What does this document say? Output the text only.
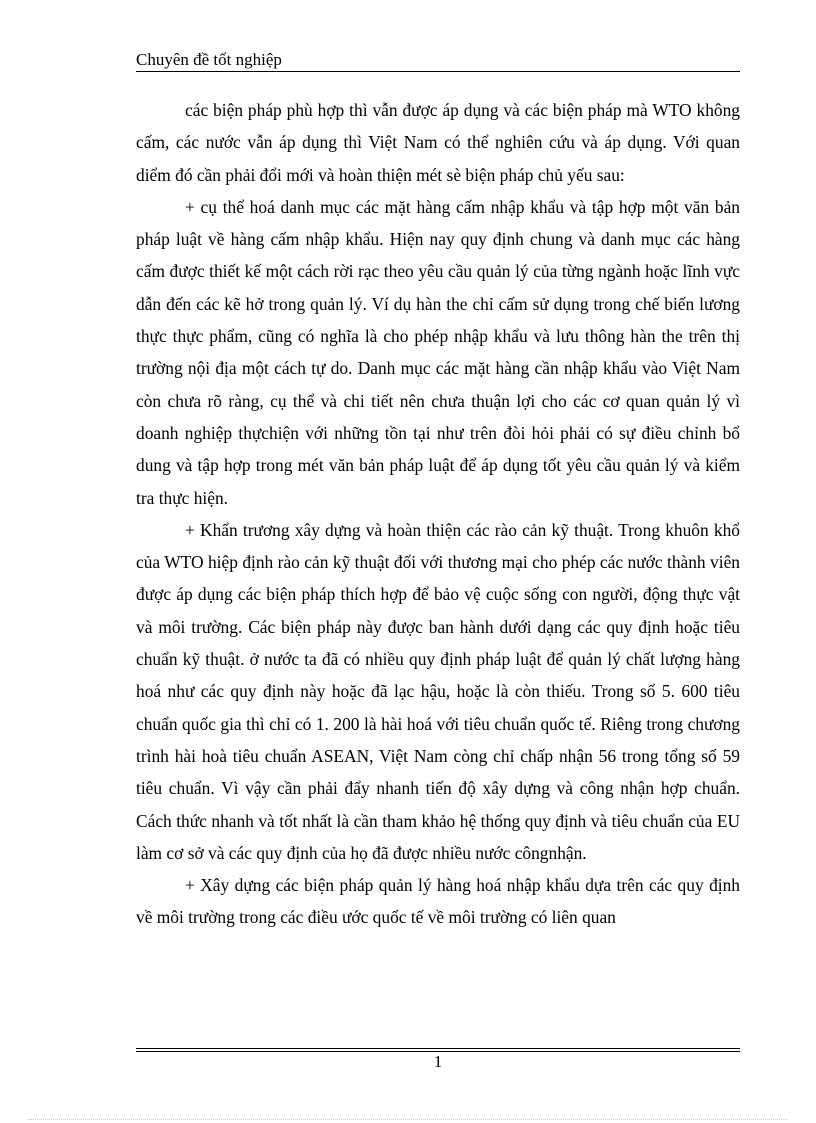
Chuyên đề tốt nghiệp

các biện pháp phù hợp thì vẫn được áp dụng và các biện pháp mà WTO không cấm, các nước vẫn áp dụng thì Việt Nam có thể nghiên cứu và áp dụng. Với quan diểm đó cần phải đổi mới và hoàn thiện mét sè biện pháp chủ yếu sau:

+ cụ thể hoá danh mục các mặt hàng cấm nhập khẩu và tập hợp một văn bản pháp luật về hàng cấm nhập khẩu. Hiện nay quy định chung và danh mục các hàng cấm được thiết kế một cách rời rạc theo yêu cầu quản lý của từng ngành hoặc lĩnh vực dẫn đến các kẽ hở trong quản lý. Ví dụ hàn the chỉ cấm sử dụng trong chế biến lương thực thực phẩm, cũng có nghĩa là cho phép nhập khẩu và lưu thông hàn the trên thị trường nội địa một cách tự do. Danh mục các mặt hàng cần nhập khẩu vào Việt Nam còn chưa rõ ràng, cụ thể và chi tiết nên chưa thuận lợi cho các cơ quan quản lý vì doanh nghiệp thựchiện với những tồn tại như trên đòi hỏi phải có sự điều chỉnh bổ dung và tập hợp trong mét văn bản pháp luật để áp dụng tốt yêu cầu quản lý và kiểm tra thực hiện.

+ Khẩn trương xây dựng và hoàn thiện các rào cản kỹ thuật. Trong khuôn khổ của WTO hiệp định rào cản kỹ thuật đối với thương mại cho phép các nước thành viên được áp dụng các biện pháp thích hợp để bảo vệ cuộc sống con người, động thực vật và môi trường. Các biện pháp này được ban hành dưới dạng các quy định hoặc tiêu chuẩn kỹ thuật. ở nước ta đã có nhiều quy định pháp luật để quản lý chất lượng hàng hoá như các quy định này hoặc đã lạc hậu, hoặc là còn thiếu. Trong số 5. 600 tiêu chuẩn quốc gia thì chỉ có 1. 200 là hài hoá với tiêu chuẩn quốc tế. Riêng trong chương trình hài hoà tiêu chuẩn ASEAN, Việt Nam còng chỉ chấp nhận 56 trong tổng số 59 tiêu chuẩn. Vì vậy cần phải đẩy nhanh tiến độ xây dựng và công nhận hợp chuẩn. Cách thức nhanh và tốt nhất là cần tham khảo hệ thống quy định và tiêu chuẩn của EU làm cơ sở và các quy định của họ đã được nhiều nước côngnhận.

+ Xây dựng các biện pháp quản lý hàng hoá nhập khẩu dựa trên các quy định về môi trường trong các điều ước quốc tế về môi trường có liên quan

1
